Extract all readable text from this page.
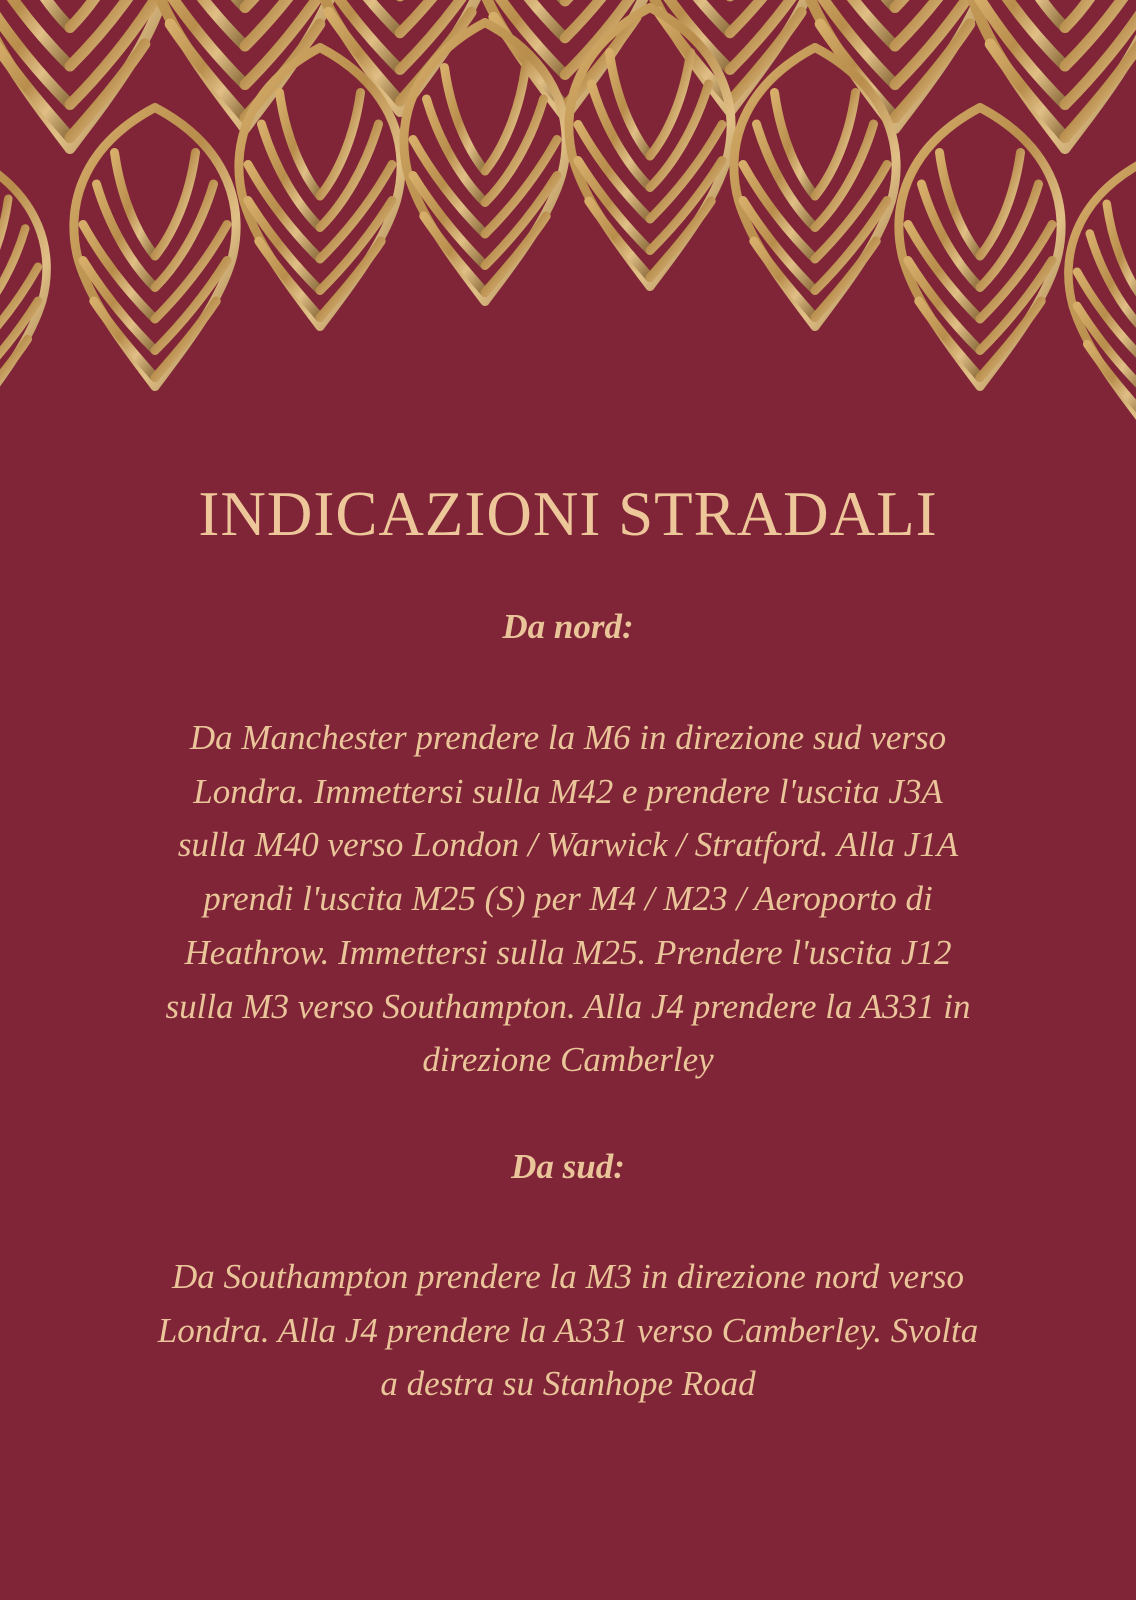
INDICAZIONI STRADALI
Da nord:

Da Manchester prendere la M6 in direzione sud verso
Londra. Immettersi sulla M42 e prendere l'uscita J3A
sulla M40 verso London / Warwick / Stratford. Alla J1A
prendi l'uscita M25 (S) per M4 / M23 / Aeroporto di
Heathrow. Immettersi sulla M25. Prendere l'uscita J12
sulla M3 verso Southampton. Alla J4 prendere la A331 in
direzione Camberley

Da sud:

Da Southampton prendere la M3 in direzione nord verso
Londra. Alla J4 prendere la A331 verso Camberley. Svolta
a destra su Stanhope Road
